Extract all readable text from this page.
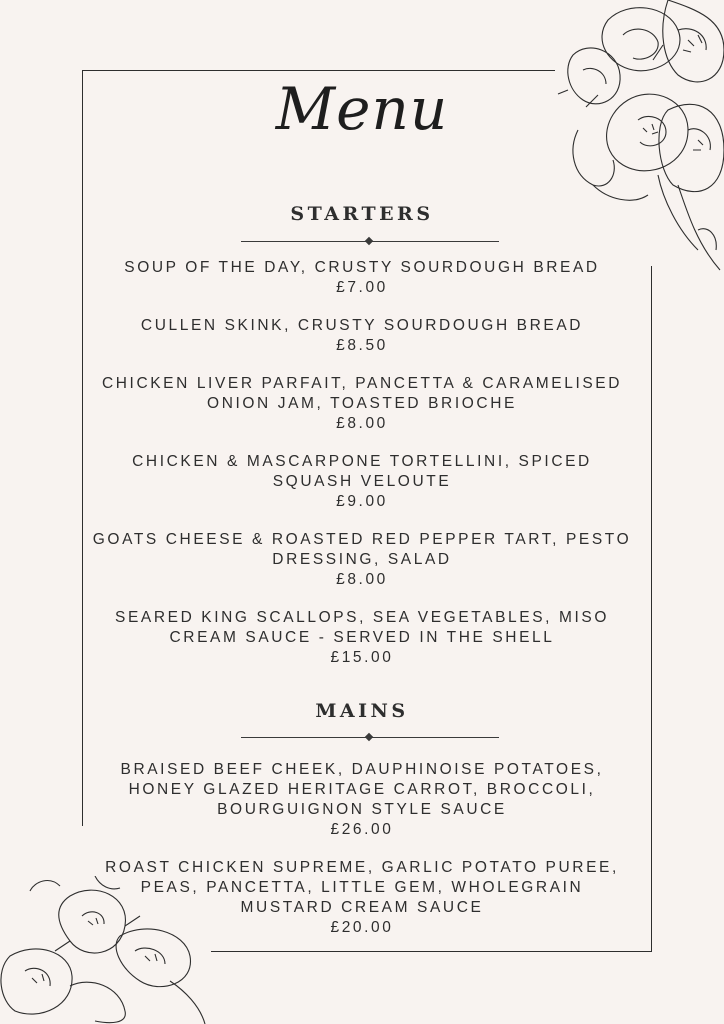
Menu
STARTERS
SOUP OF THE DAY, CRUSTY SOURDOUGH BREAD
£7.00
CULLEN SKINK, CRUSTY SOURDOUGH BREAD
£8.50
CHICKEN LIVER PARFAIT, PANCETTA & CARAMELISED
ONION JAM, TOASTED BRIOCHE
£8.00
CHICKEN & MASCARPONE TORTELLINI, SPICED
SQUASH VELOUTE
£9.00
GOATS CHEESE & ROASTED RED PEPPER TART, PESTO
DRESSING, SALAD
£8.00
SEARED KING SCALLOPS, SEA VEGETABLES, MISO
CREAM SAUCE - SERVED IN THE SHELL
£15.00
MAINS
BRAISED BEEF CHEEK, DAUPHINOISE POTATOES,
HONEY GLAZED HERITAGE CARROT, BROCCOLI,
BOURGUIGNON STYLE SAUCE
£26.00
ROAST CHICKEN SUPREME, GARLIC POTATO PUREE,
PEAS, PANCETTA, LITTLE GEM, WHOLEGRAIN
MUSTARD CREAM SAUCE
£20.00
